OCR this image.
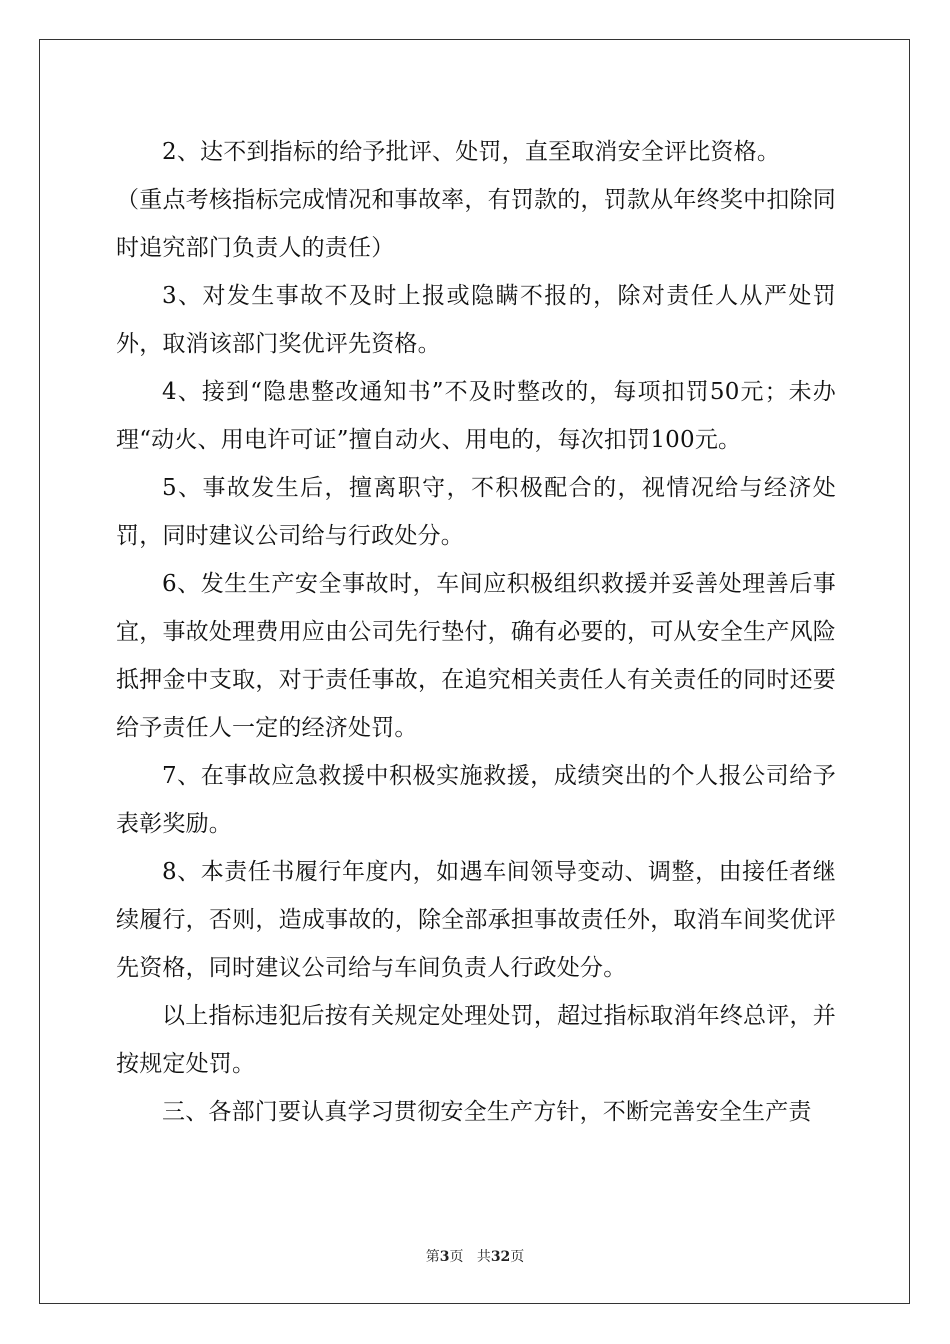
2、达不到指标的给予批评、处罚，直至取消安全评比资格。

（重点考核指标完成情况和事故率，有罚款的，罚款从年终奖中扣除同时追究部门负责人的责任）

3、对发生事故不及时上报或隐瞒不报的，除对责任人从严处罚外，取消该部门奖优评先资格。

4、接到“隐患整改通知书”不及时整改的，每项扣罚50元；未办理“动火、用电许可证”擅自动火、用电的，每次扣罚100元。

5、事故发生后，擅离职守，不积极配合的，视情况给与经济处罚，同时建议公司给与行政处分。

6、发生生产安全事故时，车间应积极组织救援并妥善处理善后事宜，事故处理费用应由公司先行垫付，确有必要的，可从安全生产风险抵押金中支取，对于责任事故，在追究相关责任人有关责任的同时还要给予责任人一定的经济处罚。

7、在事故应急救援中积极实施救援，成绩突出的个人报公司给予表彰奖励。

8、本责任书履行年度内，如遇车间领导变动、调整，由接任者继续履行，否则，造成事故的，除全部承担事故责任外，取消车间奖优评先资格，同时建议公司给与车间负责人行政处分。

以上指标违犯后按有关规定处理处罚，超过指标取消年终总评，并按规定处罚。

三、各部门要认真学习贯彻安全生产方针，不断完善安全生产责

第3页 共32页
